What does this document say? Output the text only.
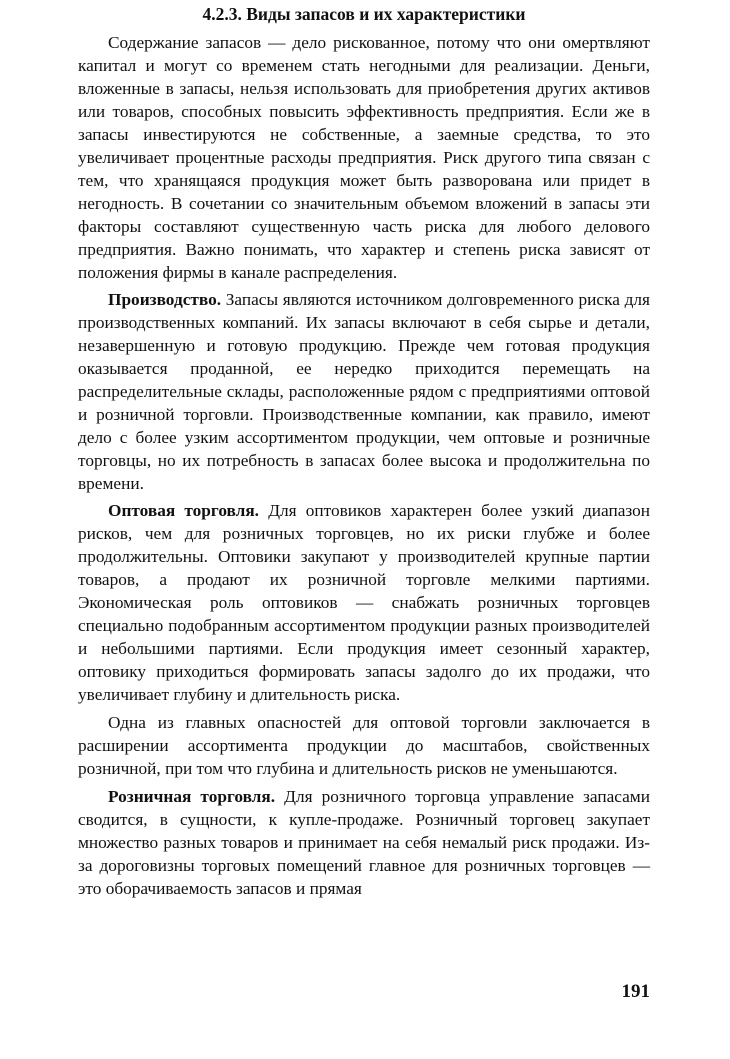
4.2.3. Виды запасов и их характеристики

Содержание запасов — дело рискованное, потому что они омертвляют капитал и могут со временем стать негодными для реализации. Деньги, вложенные в запасы, нельзя использовать для приобретения других активов или товаров, способных повысить эффективность предприятия. Если же в запасы инвестируются не собственные, а заемные средства, то это увеличивает процентные расходы предприятия. Риск другого типа связан с тем, что хранящаяся продукция может быть разворована или придет в негодность. В сочетании со значительным объемом вложений в запасы эти факторы составляют существенную часть риска для любого делового предприятия. Важно понимать, что характер и степень риска зависят от положения фирмы в канале распределения.

Производство. Запасы являются источником долговременного риска для производственных компаний. Их запасы включают в себя сырье и детали, незавершенную и готовую продукцию. Прежде чем готовая продукция оказывается проданной, ее нередко приходится перемещать на распределительные склады, расположенные рядом с предприятиями оптовой и розничной торговли. Производственные компании, как правило, имеют дело с более узким ассортиментом продукции, чем оптовые и розничные торговцы, но их потребность в запасах более высока и продолжительна по времени.

Оптовая торговля. Для оптовиков характерен более узкий диапазон рисков, чем для розничных торговцев, но их риски глубже и более продолжительны. Оптовики закупают у производителей крупные партии товаров, а продают их розничной торговле мелкими партиями. Экономическая роль оптовиков — снабжать розничных торговцев специально подобранным ассортиментом продукции разных производителей и небольшими партиями. Если продукция имеет сезонный характер, оптовику приходиться формировать запасы задолго до их продажи, что увеличивает глубину и длительность риска.

Одна из главных опасностей для оптовой торговли заключается в расширении ассортимента продукции до масштабов, свойственных розничной, при том что глубина и длительность рисков не уменьшаются.

Розничная торговля. Для розничного торговца управление запасами сводится, в сущности, к купле-продаже. Розничный торговец закупает множество разных товаров и принимает на себя немалый риск продажи. Из-за дороговизны торговых помещений главное для розничных торговцев — это оборачиваемость запасов и прямая

191
